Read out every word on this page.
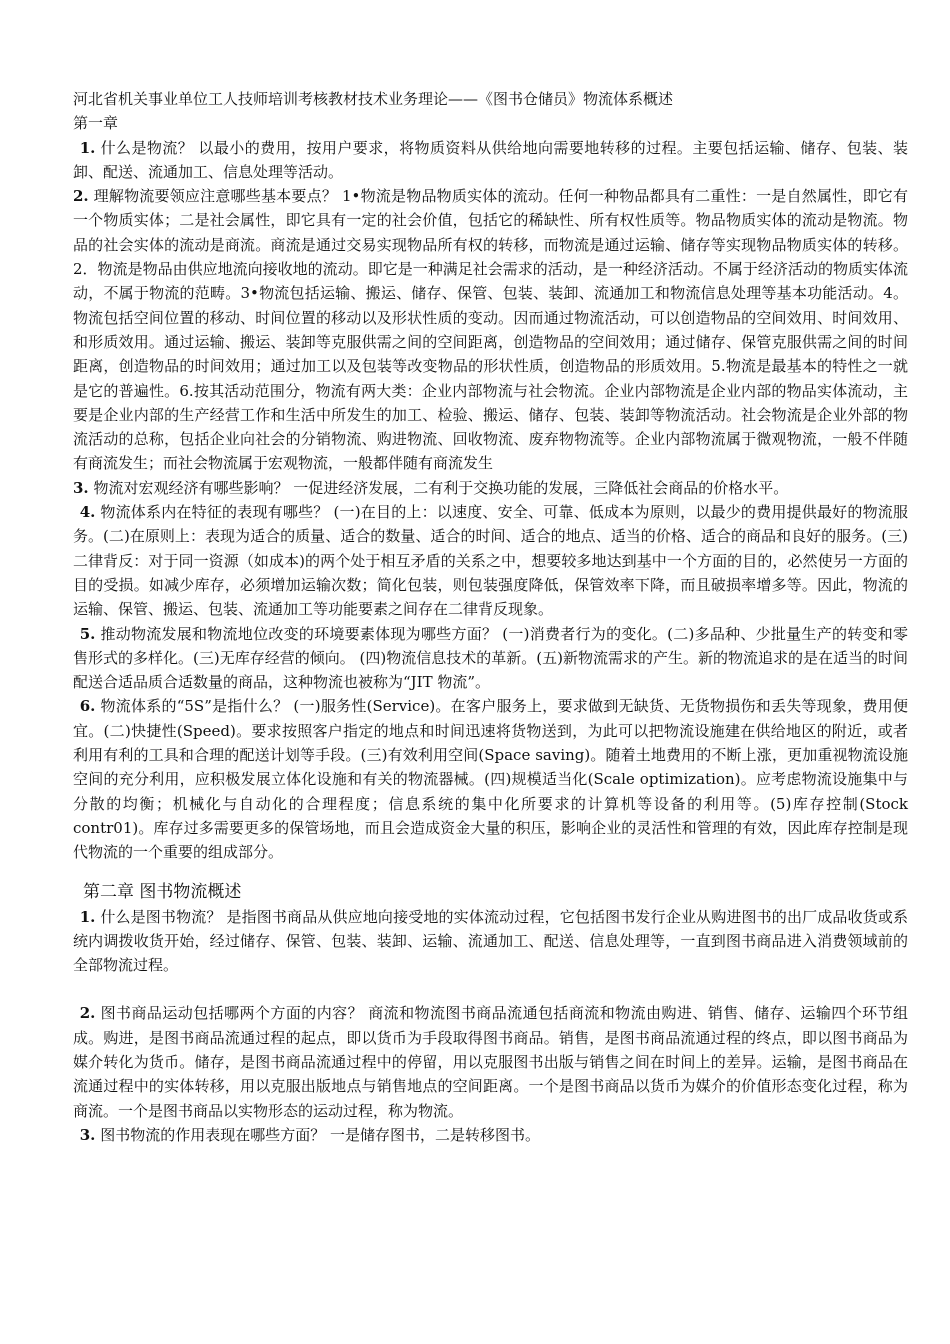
河北省机关事业单位工人技师培训考核教材技术业务理论——《图书仓储员》物流体系概述

第一章

1. 什么是物流？ 以最小的费用，按用户要求，将物质资料从供给地向需要地转移的过程。主要包括运输、储存、包装、装卸、配送、流通加工、信息处理等活动。

2. 理解物流要领应注意哪些基本要点？ 1•物流是物品物质实体的流动。任何一种物品都具有二重性：一是自然属性，即它有一个物质实体；二是社会属性，即它具有一定的社会价值，包括它的稀缺性、所有权性质等。物品物质实体的流动是物流。物品的社会实体的流动是商流。商流是通过交易实现物品所有权的转移，而物流是通过运输、储存等实现物品物质实体的转移。2．物流是物品由供应地流向接收地的流动。即它是一种满足社会需求的活动，是一种经济活动。不属于经济活动的物质实体流动，不属于物流的范畴。3•物流包括运输、搬运、储存、保管、包装、装卸、流通加工和物流信息处理等基本功能活动。4。物流包括空间位置的移动、时间位置的移动以及形状性质的变动。因而通过物流活动，可以创造物品的空间效用、时间效用、和形质效用。通过运输、搬运、装卸等克服供需之间的空间距离，创造物品的空间效用；通过储存、保管克服供需之间的时间距离，创造物品的时间效用；通过加工以及包装等改变物品的形状性质，创造物品的形质效用。5.物流是最基本的特性之一就是它的普遍性。6.按其活动范围分，物流有两大类：企业内部物流与社会物流。企业内部物流是企业内部的物品实体流动，主要是企业内部的生产经营工作和生活中所发生的加工、检验、搬运、储存、包装、装卸等物流活动。社会物流是企业外部的物流活动的总称，包括企业向社会的分销物流、购进物流、回收物流、废弃物物流等。企业内部物流属于微观物流，一般不伴随有商流发生；而社会物流属于宏观物流，一般都伴随有商流发生

3. 物流对宏观经济有哪些影响？ 一促进经济发展，二有利于交换功能的发展，三降低社会商品的价格水平。

4. 物流体系内在特征的表现有哪些？ (一)在目的上：以速度、安全、可靠、低成本为原则，以最少的费用提供最好的物流服务。(二)在原则上：表现为适合的质量、适合的数量、适合的时间、适合的地点、适当的价格、适合的商品和良好的服务。(三)二律背反：对于同一资源（如成本)的两个处于相互矛盾的关系之中，想要较多地达到基中一个方面的目的，必然使另一方面的目的受损。如减少库存，必须增加运输次数；简化包装，则包装强度降低，保管效率下降，而且破损率增多等。因此，物流的运输、保管、搬运、包装、流通加工等功能要素之间存在二律背反现象。

5. 推动物流发展和物流地位改变的环境要素体现为哪些方面？ (一)消费者行为的变化。(二)多品种、少批量生产的转变和零售形式的多样化。(三)无库存经营的倾向。 (四)物流信息技术的革新。(五)新物流需求的产生。新的物流追求的是在适当的时间配送合适品质合适数量的商品，这种物流也被称为“JIT 物流”。

6. 物流体系的“5S”是指什么？ (一)服务性(Service)。在客户服务上，要求做到无缺货、无货物损伤和丢失等现象，费用便宜。(二)快捷性(Speed)。要求按照客户指定的地点和时间迅速将货物送到，为此可以把物流设施建在供给地区的附近，或者利用有利的工具和合理的配送计划等手段。(三)有效利用空间(Space saving)。随着土地费用的不断上涨，更加重视物流设施空间的充分利用，应积极发展立体化设施和有关的物流器械。(四)规模适当化(Scale optimization)。应考虑物流设施集中与分散的均衡；机械化与自动化的合理程度；信息系统的集中化所要求的计算机等设备的利用等。(5)库存控制(Stock contr01)。库存过多需要更多的保管场地，而且会造成资金大量的积压，影响企业的灵活性和管理的有效，因此库存控制是现代物流的一个重要的组成部分。

第二章 图书物流概述

1. 什么是图书物流？ 是指图书商品从供应地向接受地的实体流动过程，它包括图书发行企业从购进图书的出厂成品收货或系统内调拨收货开始，经过储存、保管、包装、装卸、运输、流通加工、配送、信息处理等，一直到图书商品进入消费领域前的全部物流过程。

2. 图书商品运动包括哪两个方面的内容？ 商流和物流图书商品流通包括商流和物流由购进、销售、储存、运输四个环节组成。购进，是图书商品流通过程的起点，即以货币为手段取得图书商品。销售，是图书商品流通过程的终点，即以图书商品为媒介转化为货币。储存，是图书商品流通过程中的停留，用以克服图书出版与销售之间在时间上的差异。运输，是图书商品在流通过程中的实体转移，用以克服出版地点与销售地点的空间距离。一个是图书商品以货币为媒介的价值形态变化过程，称为商流。一个是图书商品以实物形态的运动过程，称为物流。

3. 图书物流的作用表现在哪些方面？ 一是储存图书，二是转移图书。
